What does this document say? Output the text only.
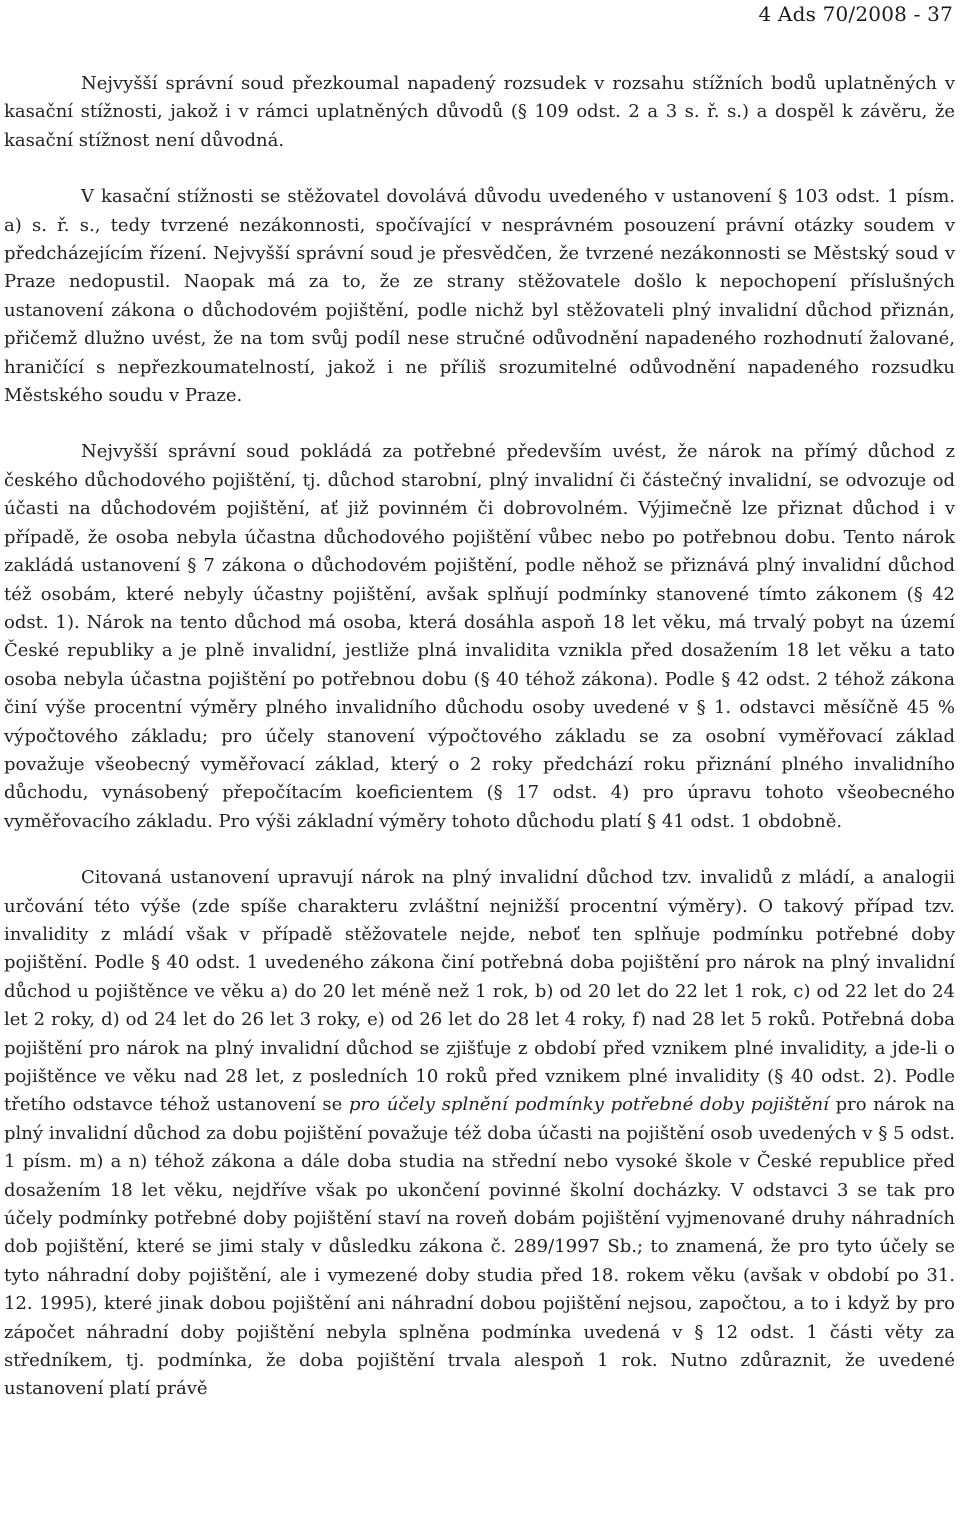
4 Ads 70/2008 - 37

Nejvyšší správní soud přezkoumal napadený rozsudek v rozsahu stížních bodů uplatněných v kasační stížnosti, jakož i v rámci uplatněných důvodů (§ 109 odst. 2 a 3 s. ř. s.) a dospěl k závěru, že kasační stížnost není důvodná.

V kasační stížnosti se stěžovatel dovolává důvodu uvedeného v ustanovení § 103 odst. 1 písm. a) s. ř. s., tedy tvrzené nezákonnosti, spočívající v nesprávném posouzení právní otázky soudem v předcházejícím řízení. Nejvyšší správní soud je přesvědčen, že tvrzené nezákonnosti se Městský soud v Praze nedopustil. Naopak má za to, že ze strany stěžovatele došlo k nepochopení příslušných ustanovení zákona o důchodovém pojištění, podle nichž byl stěžovateli plný invalidní důchod přiznán, přičemž dlužno uvést, že na tom svůj podíl nese stručné odůvodnění napadeného rozhodnutí žalované, hraničící s nepřezkoumatelností, jakož i ne příliš srozumitelné odůvodnění napadeného rozsudku Městského soudu v Praze.

Nejvyšší správní soud pokládá za potřebné především uvést, že nárok na přímý důchod z českého důchodového pojištění, tj. důchod starobní, plný invalidní či částečný invalidní, se odvozuje od účasti na důchodovém pojištění, ať již povinném či dobrovolném. Výjimečně lze přiznat důchod i v případě, že osoba nebyla účastna důchodového pojištění vůbec nebo po potřebnou dobu. Tento nárok zakládá ustanovení § 7 zákona o důchodovém pojištění, podle něhož se přiznává plný invalidní důchod též osobám, které nebyly účastny pojištění, avšak splňují podmínky stanovené tímto zákonem (§ 42 odst. 1). Nárok na tento důchod má osoba, která dosáhla aspoň 18 let věku, má trvalý pobyt na území České republiky a je plně invalidní, jestliže plná invalidita vznikla před dosažením 18 let věku a tato osoba nebyla účastna pojištění po potřebnou dobu (§ 40 téhož zákona). Podle § 42 odst. 2 téhož zákona činí výše procentní výměry plného invalidního důchodu osoby uvedené v § 1. odstavci měsíčně 45 % výpočtového základu; pro účely stanovení výpočtového základu se za osobní vyměřovací základ považuje všeobecný vyměřovací základ, který o 2 roky předchází roku přiznání plného invalidního důchodu, vynásobený přepočítacím koeficientem (§ 17 odst. 4) pro úpravu tohoto všeobecného vyměřovacího základu. Pro výši základní výměry tohoto důchodu platí § 41 odst. 1 obdobně.

Citovaná ustanovení upravují nárok na plný invalidní důchod tzv. invalidů z mládí, a analogii určování této výše (zde spíše charakteru zvláštní nejnižší procentní výměry). O takový případ tzv. invalidity z mládí však v případě stěžovatele nejde, neboť ten splňuje podmínku potřebné doby pojištění. Podle § 40 odst. 1 uvedeného zákona činí potřebná doba pojištění pro nárok na plný invalidní důchod u pojištěnce ve věku a) do 20 let méně než 1 rok, b) od 20 let do 22 let 1 rok, c) od 22 let do 24 let 2 roky, d) od 24 let do 26 let 3 roky, e) od 26 let do 28 let 4 roky, f) nad 28 let 5 roků. Potřebná doba pojištění pro nárok na plný invalidní důchod se zjišťuje z období před vznikem plné invalidity, a jde-li o pojištěnce ve věku nad 28 let, z posledních 10 roků před vznikem plné invalidity (§ 40 odst. 2). Podle třetího odstavce téhož ustanovení se pro účely splnění podmínky potřebné doby pojištění pro nárok na plný invalidní důchod za dobu pojištění považuje též doba účasti na pojištění osob uvedených v § 5 odst. 1 písm. m) a n) téhož zákona a dále doba studia na střední nebo vysoké škole v České republice před dosažením 18 let věku, nejdříve však po ukončení povinné školní docházky. V odstavci 3 se tak pro účely podmínky potřebné doby pojištění staví na roveň dobám pojištění vyjmenované druhy náhradních dob pojištění, které se jimi staly v důsledku zákona č. 289/1997 Sb.; to znamená, že pro tyto účely se tyto náhradní doby pojištění, ale i vymezené doby studia před 18. rokem věku (avšak v období po 31. 12. 1995), které jinak dobou pojištění ani náhradní dobou pojištění nejsou, započtou, a to i když by pro zápočet náhradní doby pojištění nebyla splněna podmínka uvedená v § 12 odst. 1 části věty za středníkem, tj. podmínka, že doba pojištění trvala alespoň 1 rok. Nutno zdůraznit, že uvedené ustanovení platí právě
